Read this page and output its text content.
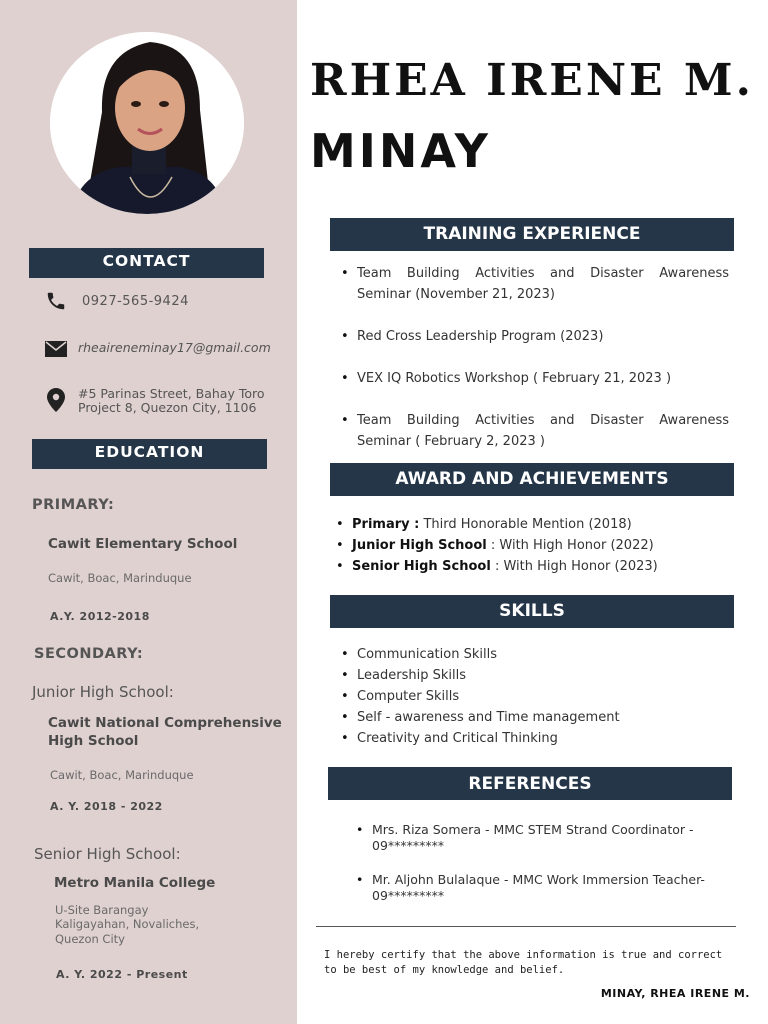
CONTACT
0927-565-9424
rheaireneminay17@gmail.com
#5 Parinas Street, Bahay Toro
Project 8, Quezon City, 1106
EDUCATION
PRIMARY:
Cawit Elementary School
Cawit, Boac, Marinduque
A.Y. 2012-2018
SECONDARY:
Junior High School:
Cawit National Comprehensive
High School
Cawit, Boac, Marinduque
A. Y. 2018 - 2022
Senior High School:
Metro Manila College
U-Site Barangay
Kaligayahan, Novaliches,
Quezon City
A. Y. 2022 - Present
RHEA IRENE M.
MINAY
TRAINING EXPERIENCE
• Team Building Activities and Disaster Awareness Seminar (November 21, 2023)
• Red Cross Leadership Program (2023)
• VEX IQ Robotics Workshop ( February 21, 2023 )
• Team Building Activities and Disaster Awareness Seminar ( February 2, 2023 )
AWARD AND ACHIEVEMENTS
• Primary : Third Honorable Mention (2018)
• Junior High School : With High Honor (2022)
• Senior High School : With High Honor (2023)
SKILLS
• Communication Skills
• Leadership Skills
• Computer Skills
• Self - awareness and Time management
• Creativity and Critical Thinking
REFERENCES
• Mrs. Riza Somera - MMC STEM Strand Coordinator -
09*********
• Mr. Aljohn Bulalaque - MMC Work Immersion Teacher-
09*********
I hereby certify that the above information is true and correct to be best of my knowledge and belief.
MINAY, RHEA IRENE M.
